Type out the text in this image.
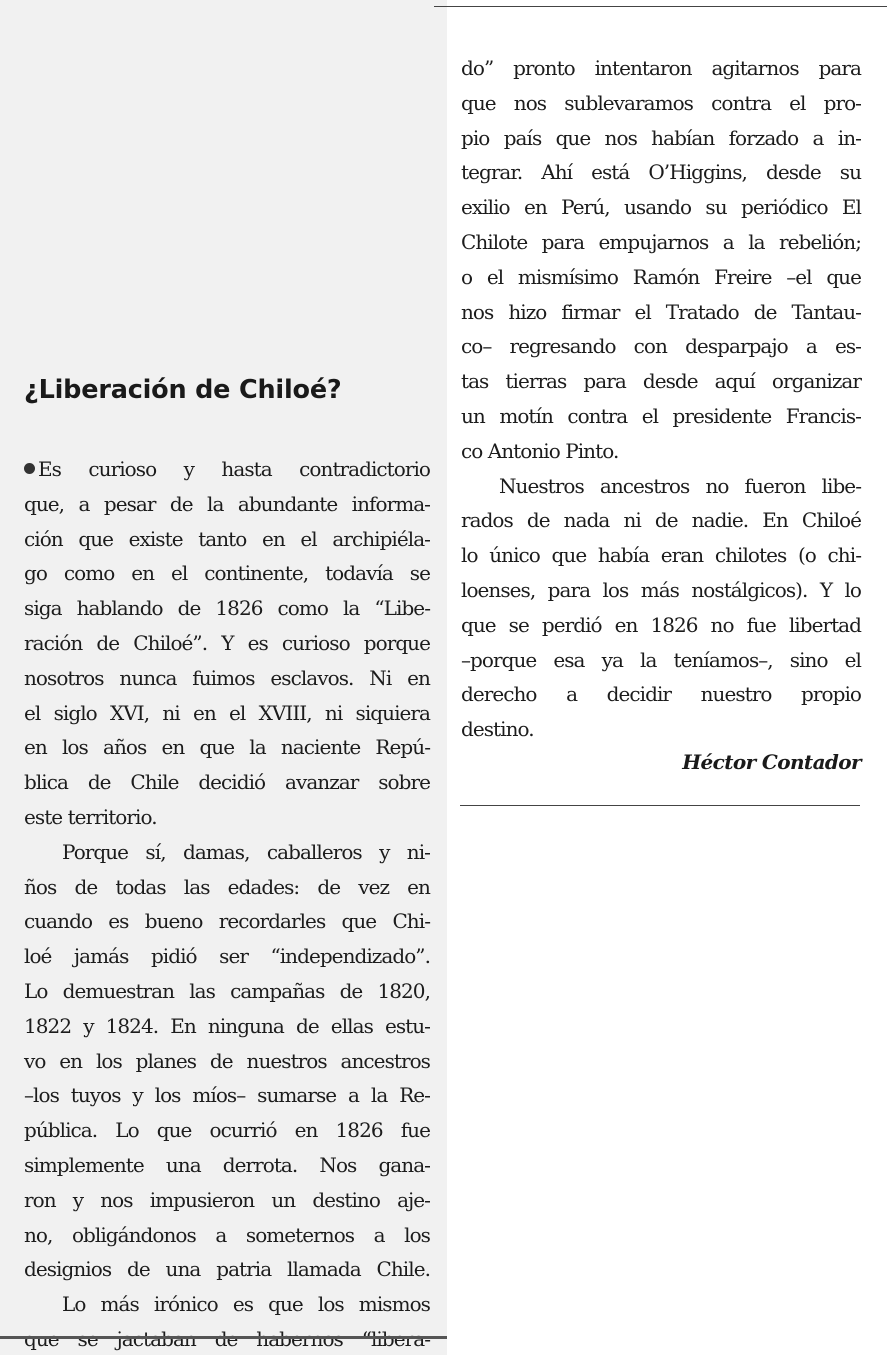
¿Liberación de Chiloé?
Es curioso y hasta contradictorio
que, a pesar de la abundante informa-
ción que existe tanto en el archipiéla-
go como en el continente, todavía se
siga hablando de 1826 como la “Libe-
ración de Chiloé”. Y es curioso porque
nosotros nunca fuimos esclavos. Ni en
el siglo XVI, ni en el XVIII, ni siquiera
en los años en que la naciente Repú-
blica de Chile decidió avanzar sobre
este territorio.
Porque sí, damas, caballeros y ni-
ños de todas las edades: de vez en
cuando es bueno recordarles que Chi-
loé jamás pidió ser “independizado”.
Lo demuestran las campañas de 1820,
1822 y 1824. En ninguna de ellas estu-
vo en los planes de nuestros ancestros
–los tuyos y los míos– sumarse a la Re-
pública. Lo que ocurrió en 1826 fue
simplemente una derrota. Nos gana-
ron y nos impusieron un destino aje-
no, obligándonos a someternos a los
designios de una patria llamada Chile.
Lo más irónico es que los mismos
que se jactaban de habernos “libera-
do” pronto intentaron agitarnos para
que nos sublevaramos contra el pro-
pio país que nos habían forzado a in-
tegrar. Ahí está O’Higgins, desde su
exilio en Perú, usando su periódico El
Chilote para empujarnos a la rebelión;
o el mismísimo Ramón Freire –el que
nos hizo firmar el Tratado de Tantau-
co– regresando con desparpajo a es-
tas tierras para desde aquí organizar
un motín contra el presidente Francis-
co Antonio Pinto.
Nuestros ancestros no fueron libe-
rados de nada ni de nadie. En Chiloé
lo único que había eran chilotes (o chi-
loenses, para los más nostálgicos). Y lo
que se perdió en 1826 no fue libertad
–porque esa ya la teníamos–, sino el
derecho a decidir nuestro propio
destino.
Héctor Contador
